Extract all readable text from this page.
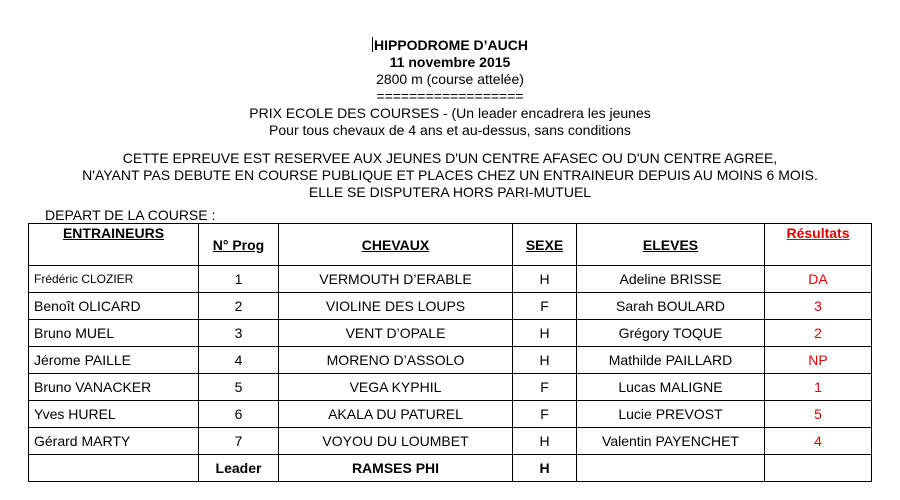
HIPPODROME D’AUCH
11 novembre 2015
2800 m (course attelée)
==================
PRIX ECOLE DES COURSES - (Un leader encadrera les jeunes
Pour tous chevaux de 4 ans et au-dessus, sans conditions
CETTE EPREUVE EST RESERVEE AUX JEUNES D'UN CENTRE AFASEC OU D'UN CENTRE AGREE,
N'AYANT PAS DEBUTE EN COURSE PUBLIQUE ET PLACES CHEZ UN ENTRAINEUR DEPUIS AU MOINS 6 MOIS.
ELLE SE DISPUTERA HORS PARI-MUTUEL
DEPART DE LA COURSE :
ENTRAINEURS	N° Prog	CHEVAUX	SEXE	ELEVES	Résultats
Frédéric CLOZIER	1	VERMOUTH D’ERABLE	H	Adeline BRISSE	DA
Benoît OLICARD	2	VIOLINE DES LOUPS	F	Sarah BOULARD	3
Bruno MUEL	3	VENT D’OPALE	H	Grégory TOQUE	2
Jérome PAILLE	4	MORENO D’ASSOLO	H	Mathilde PAILLARD	NP
Bruno VANACKER	5	VEGA KYPHIL	F	Lucas MALIGNE	1
Yves HUREL	6	AKALA DU PATUREL	F	Lucie PREVOST	5
Gérard MARTY	7	VOYOU DU LOUMBET	H	Valentin PAYENCHET	4
	Leader	RAMSES PHI	H		
